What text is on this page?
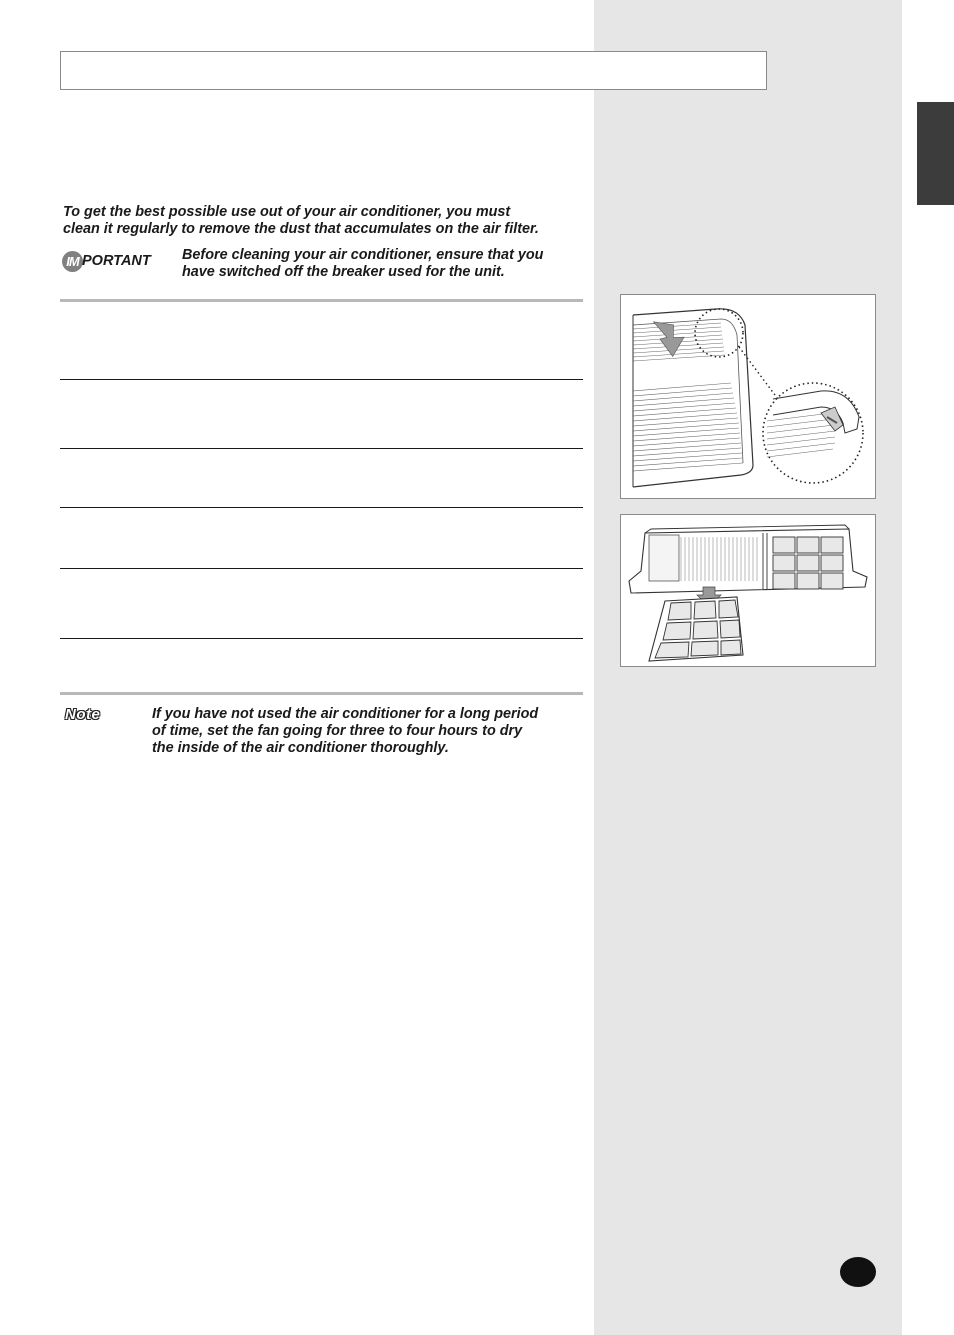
To get the best possible use out of your air conditioner, you must

clean it regularly to remove the dust that accumulates on the air filter.

IM PORTANT Before cleaning your air conditioner, ensure that you
have switched off the breaker used for the unit.
Note	If you have not used the air conditioner for a long period
of time, set the fan going for three to four hours to dry
the inside of the air conditioner thoroughly.
